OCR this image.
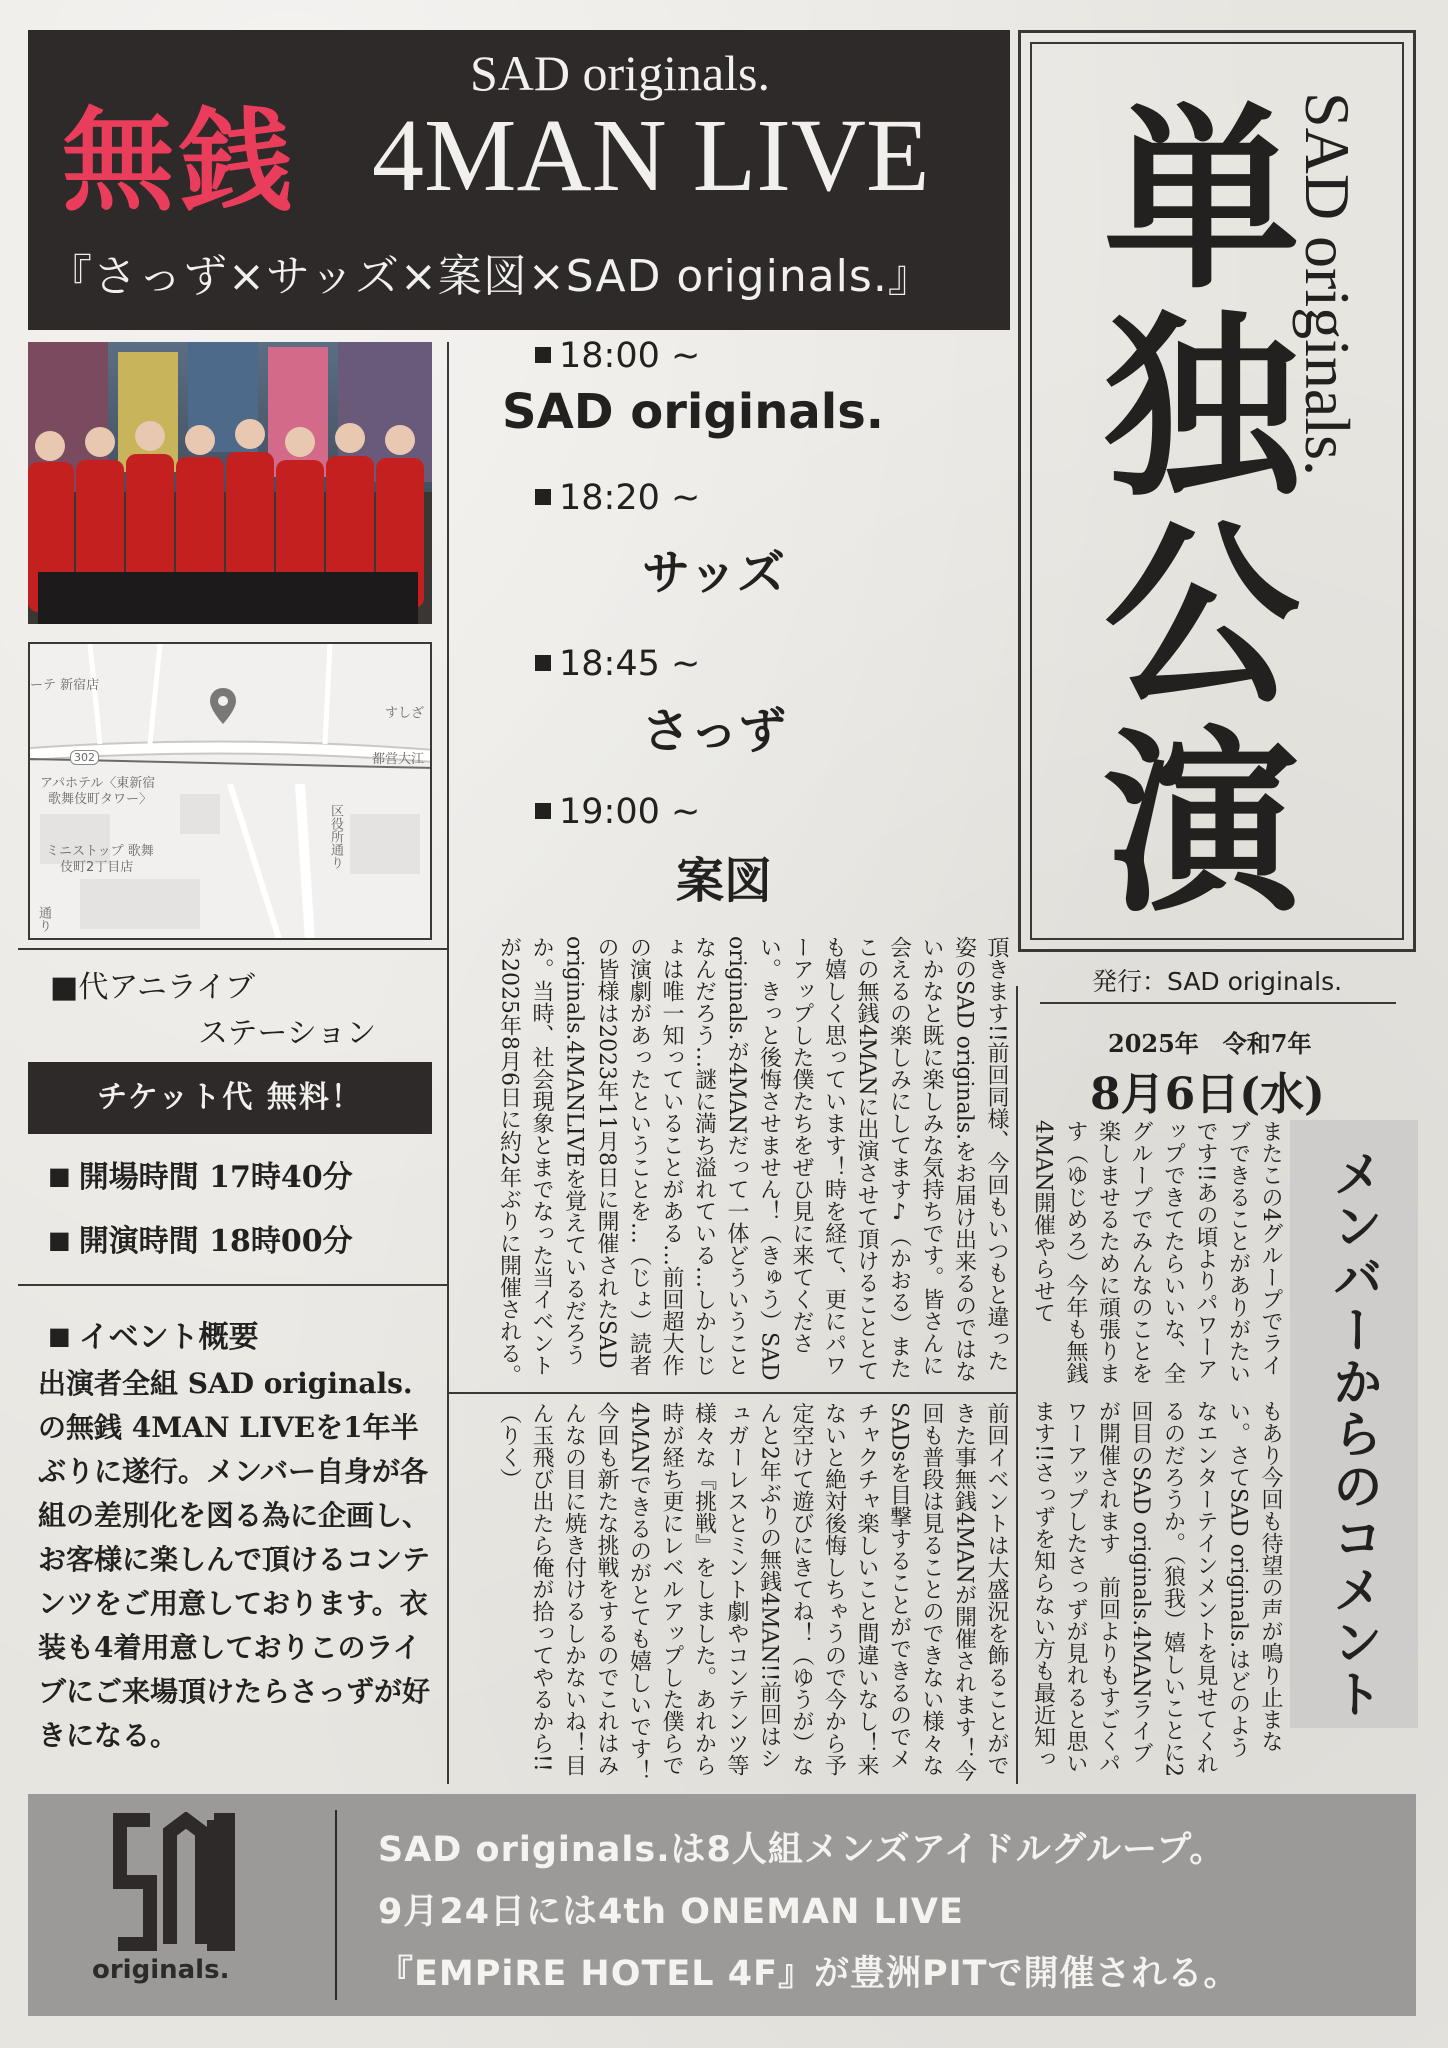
SAD originals.
無銭 4MAN LIVE
『さっず×サッズ×案図×SAD originals.』	SAD originals.
単独公演
ーテ 新宿店
すしざ
302	都営大江
アパホテル〈東新宿
歌舞伎町タワー〉
ミニストップ 歌舞
伎町2丁目店	区役所通り
通り
18:00 ~
SAD originals.
18:20 ~
サッズ
18:45 ~
さっず
19:00 ~
案図
■代アニライブ
ステーション
チケット代 無料！
■ 開場時間 17時40分
■ 開演時間 18時00分
■ イベント概要
出演者全組 SAD originals.の無銭 4MAN LIVEを1年半ぶりに遂行。メンバー自身が各組の差別化を図る為に企画し、お客様に楽しんで頂けるコンテンツをご用意しております。衣装も4着用意しておりこのライブにご来場頂けたらさっずが好きになる。	前回イベントは大盛況を飾ることができた事無銭4MANが開催されます！今回も普段は見ることのできない様々なSADsを目撃することができるのでメチャクチャ楽しいこと間違いなし！来ないと絶対後悔しちゃうので今から予定空けて遊びにきてね！（ゆうが）なんと2年ぶりの無銭4MAN!!前回はシュガーレスとミント劇やコンテンツ等様々な『挑戦』をしました。あれから時が経ち更にレベルアップした僕らで4MANできるのがとても嬉しいです！今回も新たな挑戦をするのでこれはみんなの目に焼き付けるしかないね！目ん玉飛び出たら俺が拾ってやるから!!（りく）
頂きます!!前回同様、今回もいつもと違った姿のSAD originals.をお届け出来るのではないかなと既に楽しみな気持ちです。皆さんに会えるの楽しみにしてます♪（かおる）またこの無銭4MANに出演させて頂けることとても嬉しく思っています！時を経て、更にパワーアップした僕たちをぜひ見に来てください。きっと後悔させません！（きゅう）SAD originals.が4MANだって一体どういうことなんだろう…謎に満ち溢れている…しかしじょは唯一知っていることがある…前回超大作の演劇があったということを…（じょ）読者の皆様は2023年11月8日に開催されたSAD originals.4MANLIVEを覚えているだろうか。当時、社会現象とまでなった当イベントが2025年8月6日に約2年ぶりに開催される。	またこの4グループでライブできることがありがたいです!!あの頃よりパワーアップできてたらいいな、全グループでみんなのことを楽しませるために頑張ります（ゆじめろ）今年も無銭4MAN開催やらせて
もあり今回も待望の声が鳴り止まない。さてSAD originals.はどのようなエンターテインメントを見せてくれるのだろうか。（狼我）嬉しいことに2回目のSAD originals.4MANライブが開催されます　前回よりもすごくパワーアップしたさっずが見れると思います!!さっずを知らない方も最近知っ
発行：SAD originals.
2025年　令和7年
8月6日(水)
メンバーからのコメント
originals.
SAD originals.は8人組メンズアイドルグループ。
9月24日には4th ONEMAN LIVE
『EMPiRE HOTEL 4F』が豊洲PITで開催される。
